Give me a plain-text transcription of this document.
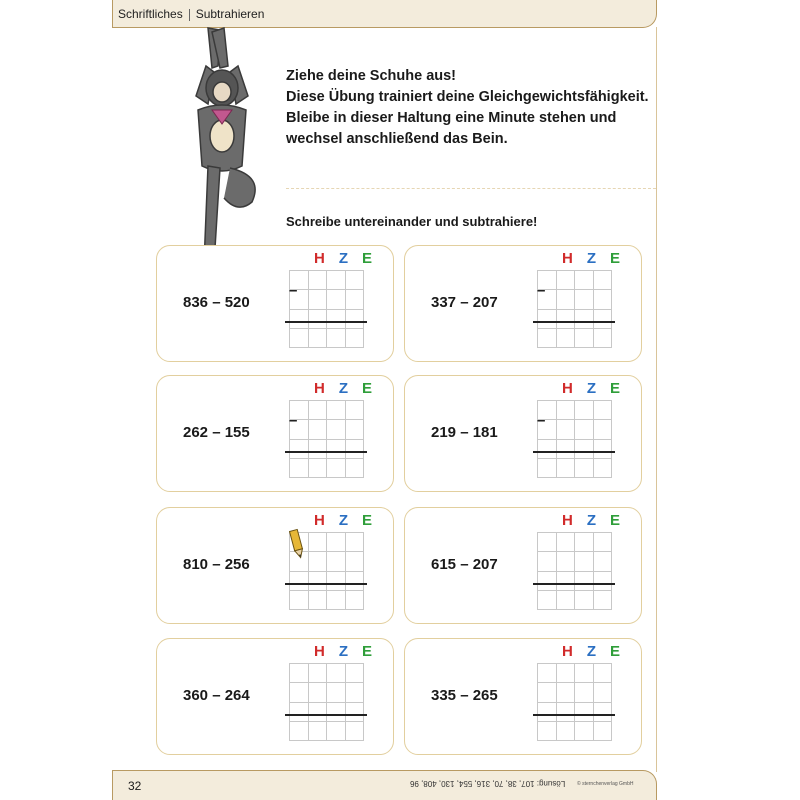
Schriftliches Subtrahieren
Ziehe deine Schuhe aus!
Diese Übung trainiert deine Gleichgewichtsfähigkeit.
Bleibe in dieser Haltung eine Minute stehen und
wechsel anschließend das Bein.
Schreibe untereinander und subtrahiere!
836 – 520
H Z E
–
337 – 207
H Z E
–
262 – 155
H Z E
–
219 – 181
H Z E
–
810 – 256
H Z E
615 – 207
H Z E
360 – 264
H Z E
335 – 265
H Z E
32	Lösung: 107, 38, 70, 316, 554, 130, 408, 96 © sternchenverlag GmbH
